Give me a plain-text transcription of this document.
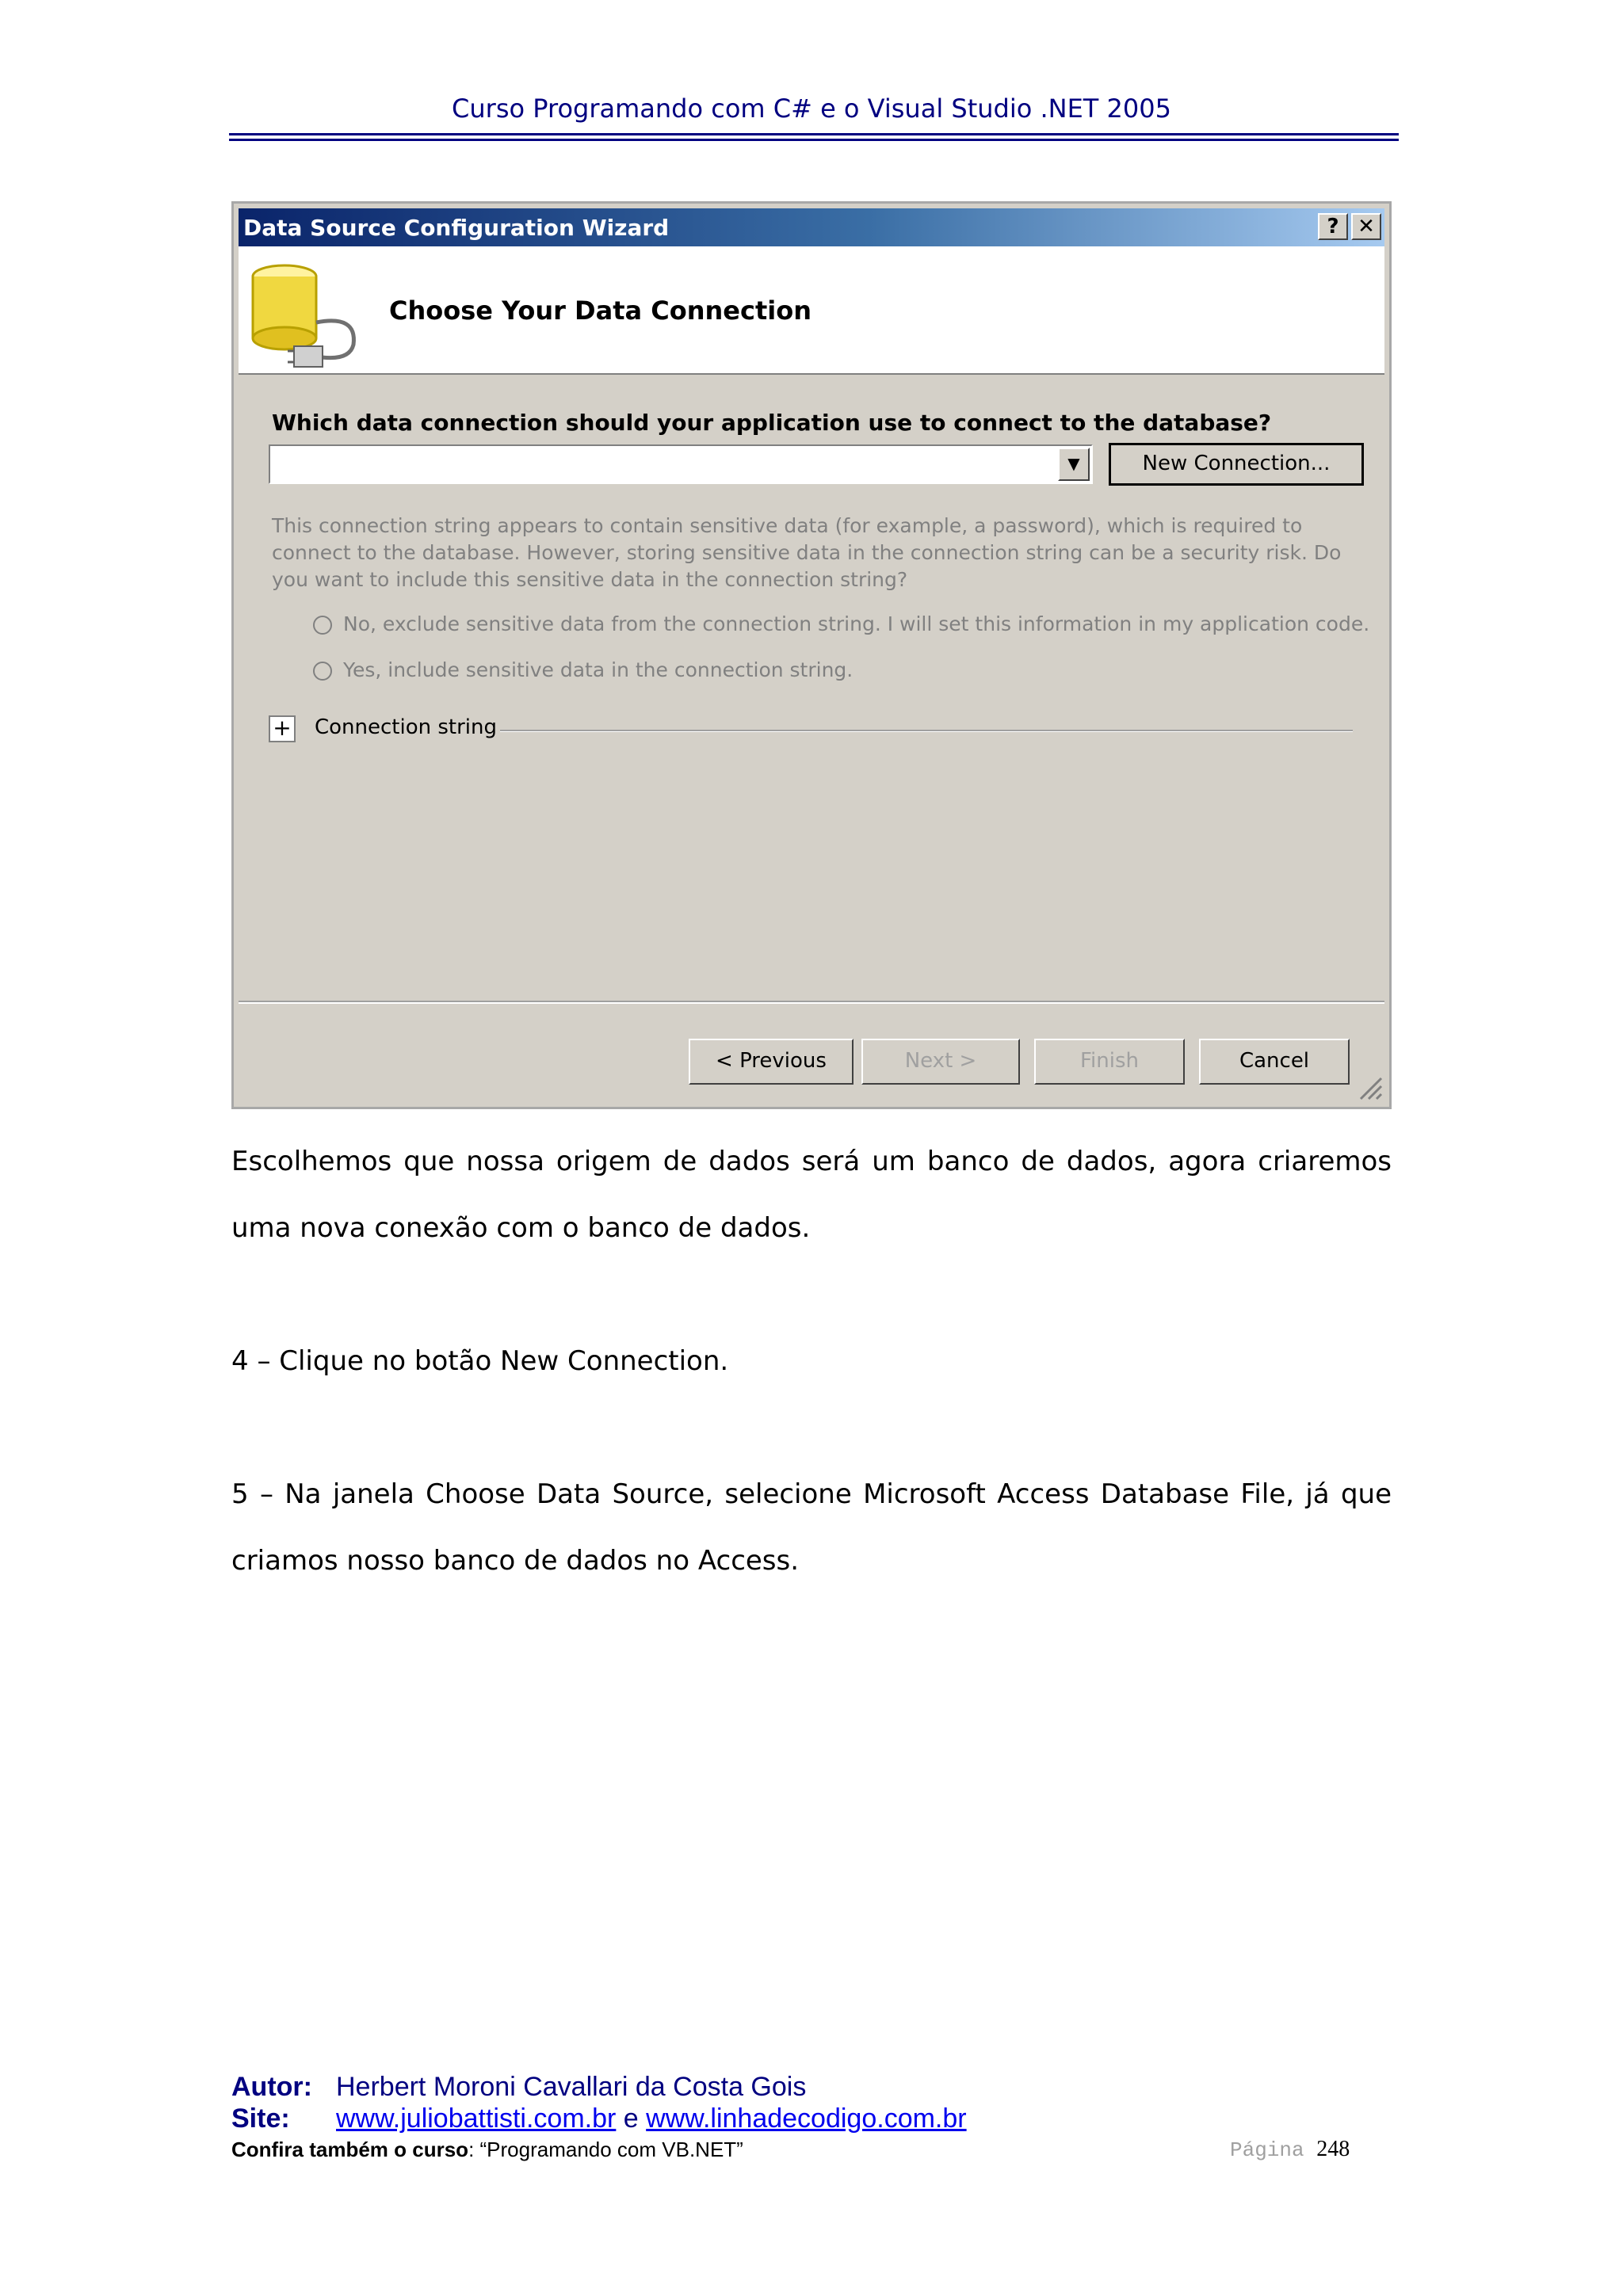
Curso Programando com C# e o Visual Studio .NET 2005
Data Source Configuration Wizard	? ✕
Choose Your Data Connection
Which data connection should your application use to connect to the database?
▼	New Connection...
This connection string appears to contain sensitive data (for example, a password), which is required to connect to the database. However, storing sensitive data in the connection string can be a security risk. Do you want to include this sensitive data in the connection string?
No, exclude sensitive data from the connection string. I will set this information in my application code.
Yes, include sensitive data in the connection string.
+ Connection string
< Previous	Next >	Finish	Cancel
Escolhemos que nossa origem de dados será um banco de dados, agora criaremos uma nova conexão com o banco de dados.
4 – Clique no botão New Connection.
5 – Na janela Choose Data Source, selecione Microsoft Access Database File, já que criamos nosso banco de dados no Access.
Autor: Herbert Moroni Cavallari da Costa Gois
Site: www.juliobattisti.com.br e www.linhadecodigo.com.br
Confira também o curso: “Programando com VB.NET”	Página 248
